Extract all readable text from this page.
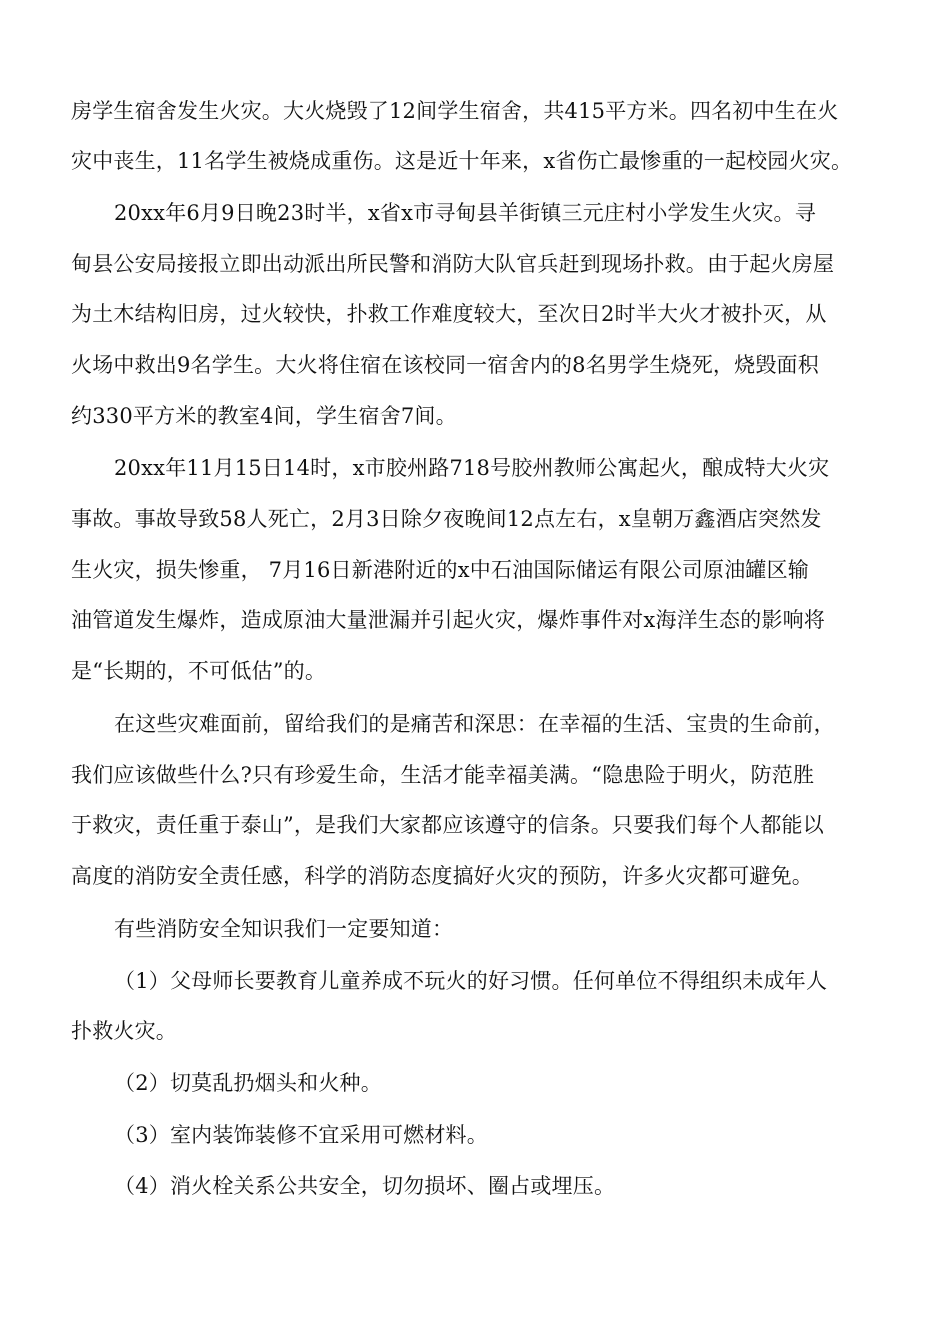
房学生宿舍发生火灾。大火烧毁了12间学生宿舍，共415平方米。四名初中生在火
灾中丧生，11名学生被烧成重伤。这是近十年来，x省伤亡最惨重的一起校园火灾。
20xx年6月9日晚23时半，x省x市寻甸县羊街镇三元庄村小学发生火灾。寻
甸县公安局接报立即出动派出所民警和消防大队官兵赶到现场扑救。由于起火房屋
为土木结构旧房，过火较快，扑救工作难度较大，至次日2时半大火才被扑灭，从
火场中救出9名学生。大火将住宿在该校同一宿舍内的8名男学生烧死，烧毁面积
约330平方米的教室4间，学生宿舍7间。
20xx年11月15日14时，x市胶州路718号胶州教师公寓起火，酿成特大火灾
事故。事故导致58人死亡，2月3日除夕夜晚间12点左右，x皇朝万鑫酒店突然发
生火灾，损失惨重， 7月16日新港附近的x中石油国际储运有限公司原油罐区输
油管道发生爆炸，造成原油大量泄漏并引起火灾，爆炸事件对x海洋生态的影响将
是“长期的，不可低估”的。
在这些灾难面前，留给我们的是痛苦和深思：在幸福的生活、宝贵的生命前，
我们应该做些什么?只有珍爱生命，生活才能幸福美满。“隐患险于明火，防范胜
于救灾，责任重于泰山”，是我们大家都应该遵守的信条。只要我们每个人都能以
高度的消防安全责任感，科学的消防态度搞好火灾的预防，许多火灾都可避免。
有些消防安全知识我们一定要知道：
（1）父母师长要教育儿童养成不玩火的好习惯。任何单位不得组织未成年人
扑救火灾。
（2）切莫乱扔烟头和火种。
（3）室内装饰装修不宜采用可燃材料。
（4）消火栓关系公共安全，切勿损坏、圈占或埋压。
